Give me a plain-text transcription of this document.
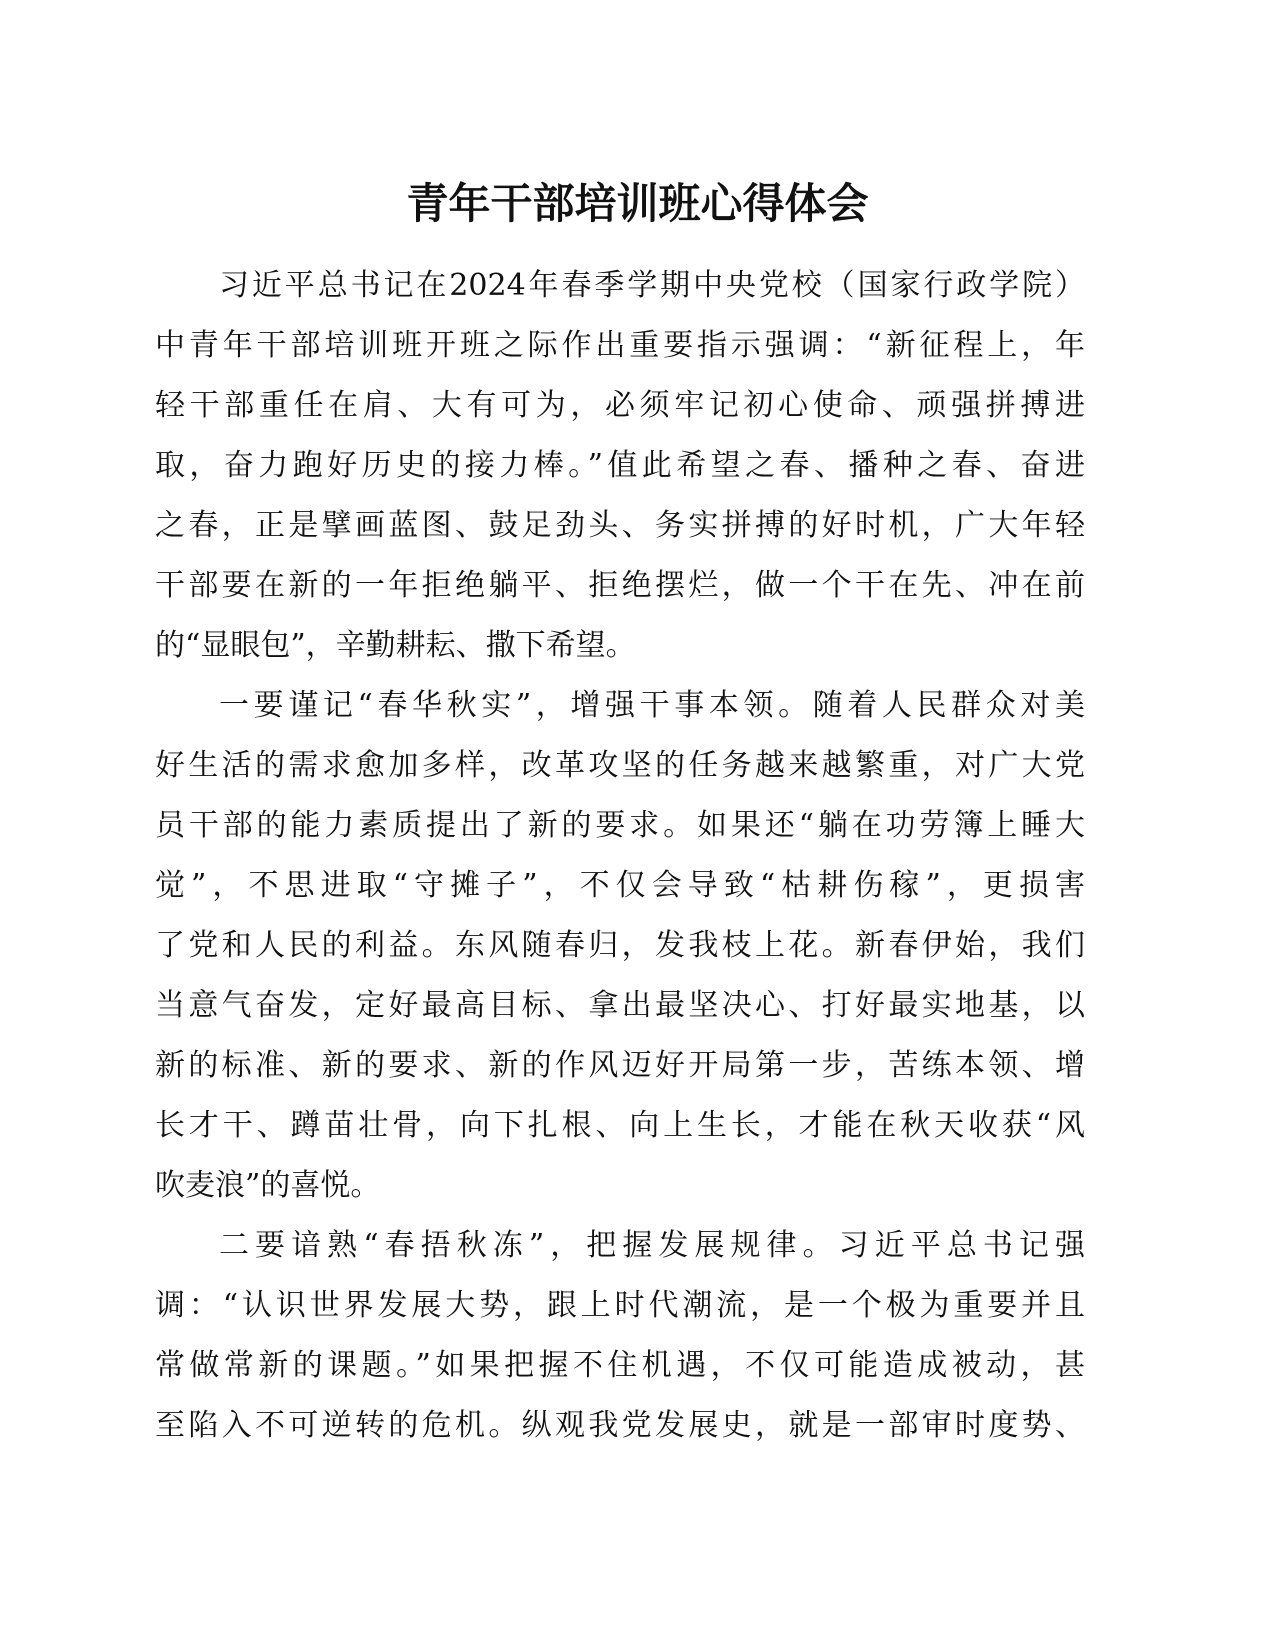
青年干部培训班心得体会
习近平总书记在2024年春季学期中央党校（国家行政学院）
中青年干部培训班开班之际作出重要指示强调：“新征程上，年
轻干部重任在肩、大有可为，必须牢记初心使命、顽强拼搏进
取，奋力跑好历史的接力棒。”值此希望之春、播种之春、奋进
之春，正是擘画蓝图、鼓足劲头、务实拼搏的好时机，广大年轻
干部要在新的一年拒绝躺平、拒绝摆烂，做一个干在先、冲在前
的“显眼包”，辛勤耕耘、撒下希望。
一要谨记“春华秋实”，增强干事本领。随着人民群众对美
好生活的需求愈加多样，改革攻坚的任务越来越繁重，对广大党
员干部的能力素质提出了新的要求。如果还“躺在功劳簿上睡大
觉”，不思进取“守摊子”，不仅会导致“枯耕伤稼”，更损害
了党和人民的利益。东风随春归，发我枝上花。新春伊始，我们
当意气奋发，定好最高目标、拿出最坚决心、打好最实地基，以
新的标准、新的要求、新的作风迈好开局第一步，苦练本领、增
长才干、蹲苗壮骨，向下扎根、向上生长，才能在秋天收获“风
吹麦浪”的喜悦。
二要谙熟“春捂秋冻”，把握发展规律。习近平总书记强
调：“认识世界发展大势，跟上时代潮流，是一个极为重要并且
常做常新的课题。”如果把握不住机遇，不仅可能造成被动，甚
至陷入不可逆转的危机。纵观我党发展史，就是一部审时度势、
